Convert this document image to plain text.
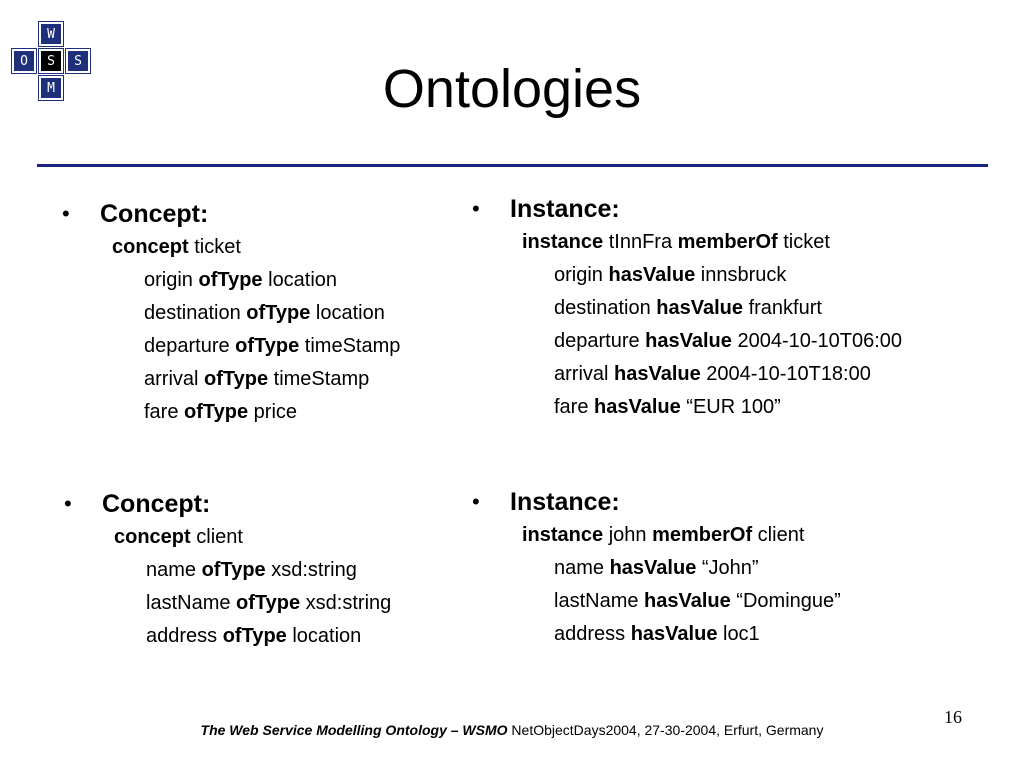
W
O	S	S
M	Ontologies
• Concept:
concept ticket
origin ofType location
destination ofType location
departure ofType timeStamp
arrival ofType timeStamp
fare ofType price
• Instance:
instance tInnFra memberOf ticket
origin hasValue innsbruck
destination hasValue frankfurt
departure hasValue 2004-10-10T06:00
arrival hasValue 2004-10-10T18:00
fare hasValue “EUR 100”
• Concept:
concept client
name ofType xsd:string
lastName ofType xsd:string
address ofType location
• Instance:
instance john memberOf client
name hasValue “John”
lastName hasValue “Domingue”
address hasValue loc1
16
The Web Service Modelling Ontology – WSMO NetObjectDays2004, 27-30-2004, Erfurt, Germany
